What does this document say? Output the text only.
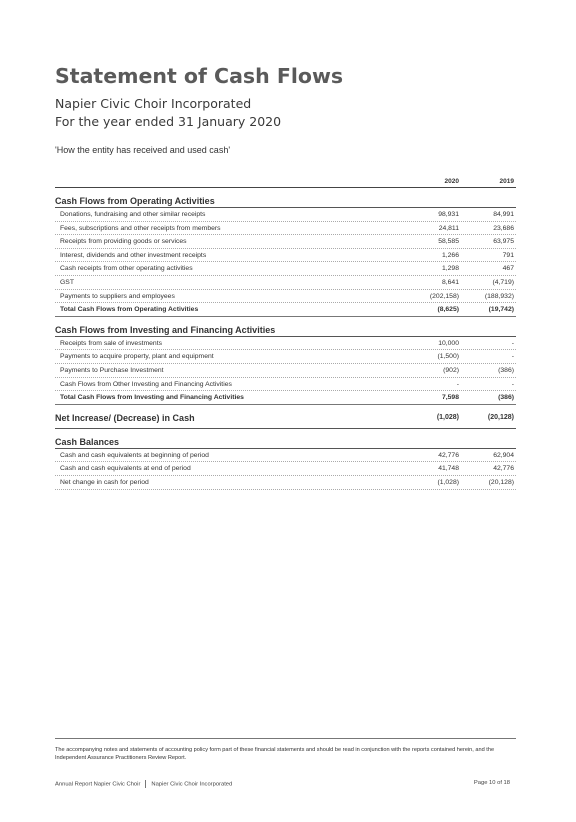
Statement of Cash Flows
Napier Civic Choir Incorporated
For the year ended 31 January 2020
'How the entity has received and used cash'
2020	2019
Cash Flows from Operating Activities
Donations, fundraising and other similar receipts	98,931	84,991
Fees, subscriptions and other receipts from members	24,811	23,686
Receipts from providing goods or services	58,585	63,975
Interest, dividends and other investment receipts	1,266	791
Cash receipts from other operating activities	1,298	467
GST	8,641	(4,719)
Payments to suppliers and employees	(202,158)	(188,932)
Total Cash Flows from Operating Activities	(8,625)	(19,742)
Cash Flows from Investing and Financing Activities
Receipts from sale of investments	10,000	-
Payments to acquire property, plant and equipment	(1,500)	-
Payments to Purchase Investment	(902)	(386)
Cash Flows from Other Investing and Financing Activities	-	-
Total Cash Flows from Investing and Financing Activities	7,598	(386)
Net Increase/ (Decrease) in Cash	(1,028)	(20,128)
Cash Balances
Cash and cash equivalents at beginning of period	42,776	62,904
Cash and cash equivalents at end of period	41,748	42,776
Net change in cash for period	(1,028)	(20,128)
The accompanying notes and statements of accounting policy form part of these financial statements and should be read in conjunction with the reports contained herein, and the Independent Assurance Practitioners Review Report.
Annual Report Napier Civic Choir Napier Civic Choir Incorporated	Page 10 of 18
